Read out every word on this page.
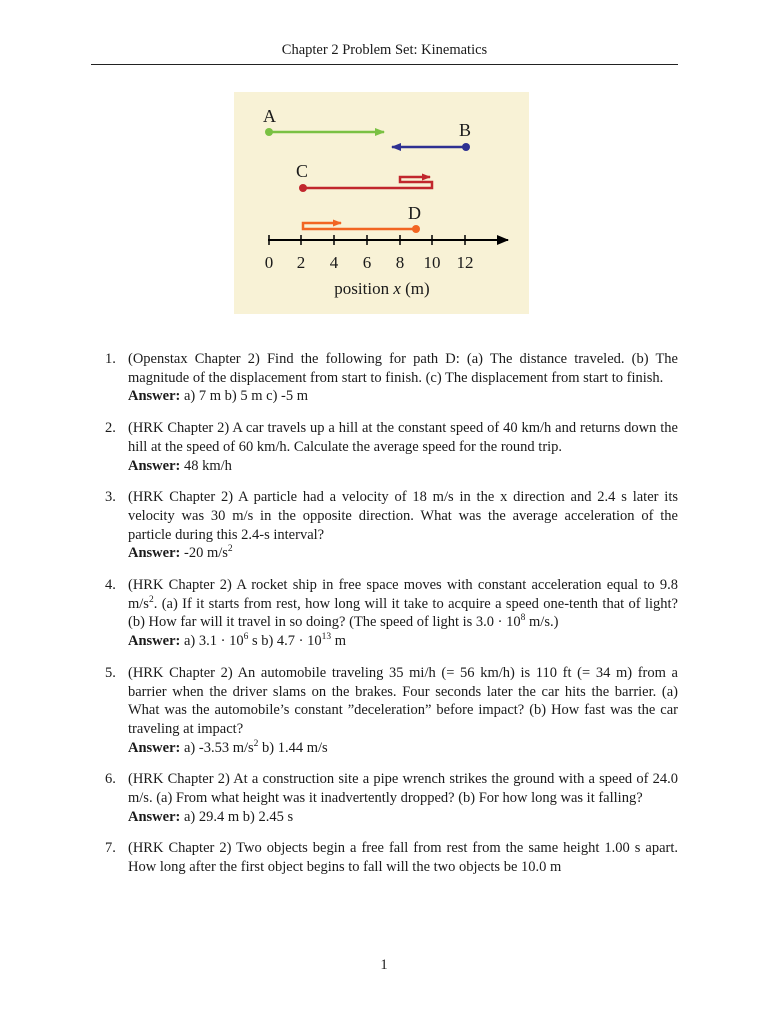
Chapter 2 Problem Set: Kinematics
A
B
C
D
0 2 4 6 8 10 12
position x (m)
1. (Openstax Chapter 2) Find the following for path D: (a) The distance traveled. (b) The magnitude of the displacement from start to finish. (c) The displacement from start to finish.
Answer: a) 7 m b) 5 m c) -5 m
2. (HRK Chapter 2) A car travels up a hill at the constant speed of 40 km/h and returns down the hill at the speed of 60 km/h. Calculate the average speed for the round trip.
Answer: 48 km/h
3. (HRK Chapter 2) A particle had a velocity of 18 m/s in the x direction and 2.4 s later its velocity was 30 m/s in the opposite direction. What was the average acceleration of the particle during this 2.4-s interval?
Answer: -20 $m/s^2$
4. (HRK Chapter 2) A rocket ship in free space moves with constant acceleration equal to 9.8 $m/s^2$. (a) If it starts from rest, how long will it take to acquire a speed one-tenth that of light? (b) How far will it travel in so doing? (The speed of light is $3.0 \cdot 10^8$ m/s.)
Answer: a) $3.1 \cdot 10^6$ s b) $4.7 \cdot 10^{13}$ m
5. (HRK Chapter 2) An automobile traveling 35 mi/h (= 56 km/h) is 110 ft (= 34 m) from a barrier when the driver slams on the brakes. Four seconds later the car hits the barrier. (a) What was the automobile’s constant ”deceleration” before impact? (b) How fast was the car traveling at impact?
Answer: a) -3.53 $m/s^2$ b) 1.44 m/s
6. (HRK Chapter 2) At a construction site a pipe wrench strikes the ground with a speed of 24.0 m/s. (a) From what height was it inadvertently dropped? (b) For how long was it falling?
Answer: a) 29.4 m b) 2.45 s
7. (HRK Chapter 2) Two objects begin a free fall from rest from the same height 1.00 s apart. How long after the first object begins to fall will the two objects be 10.0 m
1
